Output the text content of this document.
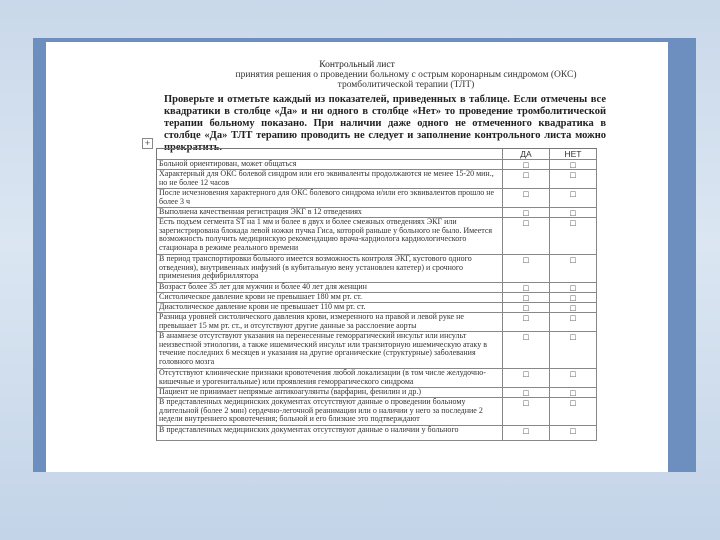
Контрольный лист
принятия решения о проведении больному с острым коронарным синдромом (ОКС)
тромболитической терапии (ТЛТ)
Проверьте и отметьте каждый из показателей, приведенных в таблице. Если отмечены все квадратики в столбце «Да» и ни одного в столбце «Нет» то проведение тромболитической терапии больному показано. При наличии даже одного не отмеченного квадратика в столбце «Да» ТЛТ терапию проводить не следует и заполнение контрольного листа можно прекратить.
+
ДА	НЕТ
Больной ориентирован, может общаться	□	□
Характерный для ОКС болевой синдром или его эквиваленты продолжаются не менее 15-20 мин., но не более 12 часов
□	□
После исчезновения характерного для ОКС болевого синдрома и/или его эквивалентов прошло не более 3 ч
□	□
Выполнена качественная регистрация ЭКГ в 12 отведениях	□	□
Есть подъем сегмента ST на 1 мм и более в двух и более смежных отведениях ЭКГ или зарегистрирована блокада левой ножки пучка Гиса, которой раньше у больного не было. Имеется возможность получить медицинскую рекомендацию врача-кардиолога кардиологического стационара в режиме реального времени
□	□
В период транспортировки больного имеется возможность контроля ЭКГ, кустового одного отведения), внутривенных инфузий (в кубитальную вену установлен катетер) и срочного применения дефибриллятора
□	□
Возраст более 35 лет для мужчин и более 40 лет для женщин	□	□
Систолическое давление крови не превышает 180 мм рт. ст.	□	□
Диастолическое давление крови не превышает 110 мм рт. ст.	□	□
Разница уровней систолического давления крови, измеренного на правой и левой руке не превышает 15 мм рт. ст., и отсутствуют другие данные за расслоение аорты
□	□
В анамнезе отсутствуют указания на перенесенные геморрагический инсульт или инсульт неизвестной этиологии, а также ишемический инсульт или транзиторную ишемическую атаку в течение последних 6 месяцев и указания на другие органические (структурные) заболевания головного мозга
□	□
Отсутствуют клинические признаки кровотечения любой локализации (в том числе желудочно-кишечные и урогенитальные) или проявления геморрагического синдрома
□	□
Пациент не принимает непрямые антикоагулянты (варфарин, фенилин и др.)	□	□
В представленных медицинских документах отсутствуют данные о проведении больному длительной (более 2 мин) сердечно-легочной реанимации или о наличии у него за последние 2 недели внутреннего кровотечения; больной и его близкие это подтверждают
□	□
В представленных медицинских документах отсутствуют данные о наличии у больного	□	□
